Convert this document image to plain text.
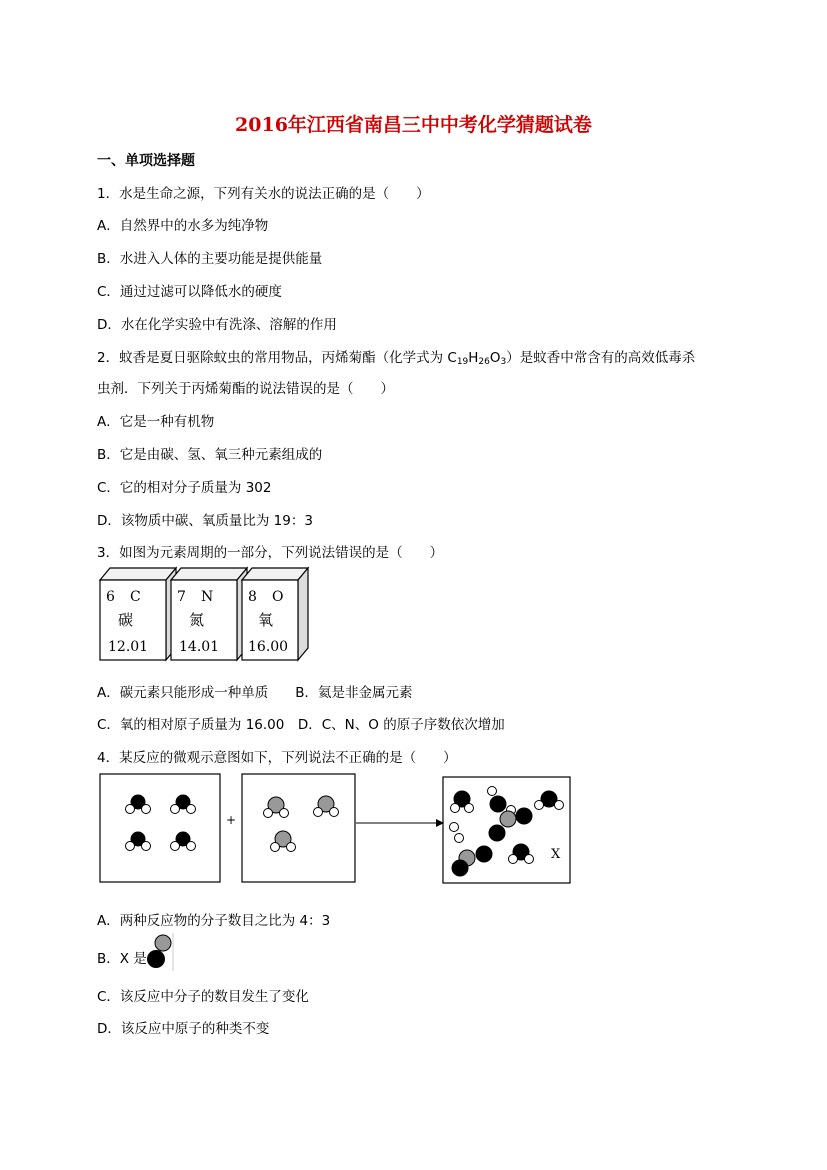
2016年江西省南昌三中中考化学猜题试卷
一、单项选择题
1．水是生命之源，下列有关水的说法正确的是（　　）
A．自然界中的水多为纯净物
B．水进入人体的主要功能是提供能量
C．通过过滤可以降低水的硬度
D．水在化学实验中有洗涤、溶解的作用
2．蚊香是夏日驱除蚊虫的常用物品，丙烯菊酯（化学式为 $C_{19}H_{26}O_3$）是蚊香中常含有的高效低毒杀
虫剂．下列关于丙烯菊酯的说法错误的是（　　）
A．它是一种有机物
B．它是由碳、氢、氧三种元素组成的
C．它的相对分子质量为 302
D．该物质中碳、氧质量比为 19：3
3．如图为元素周期的一部分，下列说法错误的是（　　）
6 C
碳
12.01
7 N
氮
14.01
8 O
氧
16.00
A．碳元素只能形成一种单质　　B．氦是非金属元素
C．氧的相对原子质量为 16.00　D．C、N、O 的原子序数依次增加
4．某反应的微观示意图如下，下列说法不正确的是（　　）
+
X
A．两种反应物的分子数目之比为 4：3
B．X 是
C．该反应中分子的数目发生了变化
D．该反应中原子的种类不变
